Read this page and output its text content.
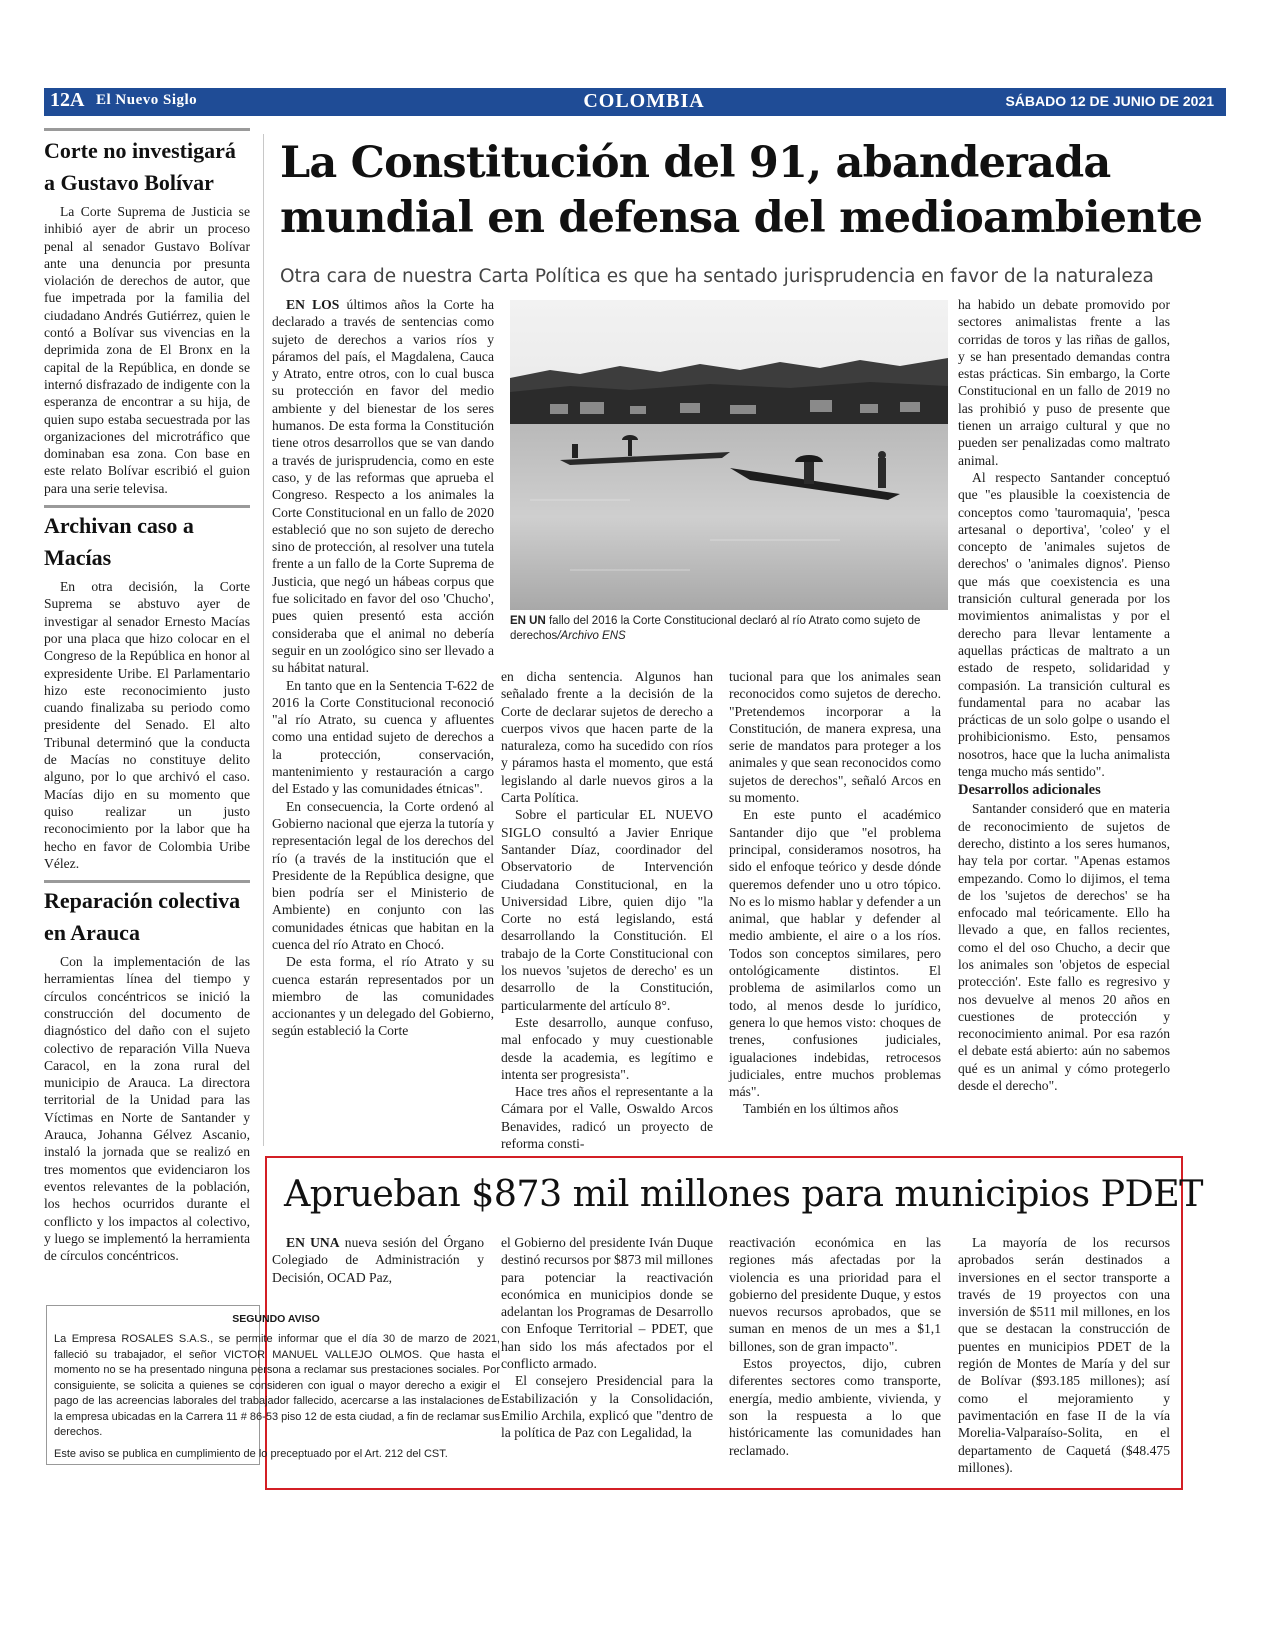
12A El Nuevo Siglo	COLOMBIA	SÁBADO 12 DE JUNIO DE 2021
Corte no investigará a Gustavo Bolívar

La Corte Suprema de Justicia se inhibió ayer de abrir un proceso penal al senador Gustavo Bolívar ante una denuncia por presunta violación de derechos de autor, que fue impetrada por la familia del ciudadano Andrés Gutiérrez, quien le contó a Bolívar sus vivencias en la deprimida zona de El Bronx en la capital de la República, en donde se internó disfrazado de indigente con la esperanza de encontrar a su hija, de quien supo estaba secuestrada por las organizaciones del microtráfico que dominaban esa zona. Con base en este relato Bolívar escribió el guion para una serie televisa.

Archivan caso a Macías

En otra decisión, la Corte Suprema se abstuvo ayer de investigar al senador Ernesto Macías por una placa que hizo colocar en el Congreso de la República en honor al expresidente Uribe. El Parlamentario hizo este reconocimiento justo cuando finalizaba su periodo como presidente del Senado. El alto Tribunal determinó que la conducta de Macías no constituye delito alguno, por lo que archivó el caso. Macías dijo en su momento que quiso realizar un justo reconocimiento por la labor que ha hecho en favor de Colombia Uribe Vélez.

Reparación colectiva en Arauca

Con la implementación de las herramientas línea del tiempo y círculos concéntricos se inició la construcción del documento de diagnóstico del daño con el sujeto colectivo de reparación Villa Nueva Caracol, en la zona rural del municipio de Arauca. La directora territorial de la Unidad para las Víctimas en Norte de Santander y Arauca, Johanna Gélvez Ascanio, instaló la jornada que se realizó en tres momentos que evidenciaron los eventos relevantes de la población, los hechos ocurridos durante el conflicto y los impactos al colectivo, y luego se implementó la herramienta de círculos concéntricos.

La Constitución del 91, abanderada mundial en defensa del medioambiente
Otra cara de nuestra Carta Política es que ha sentado jurisprudencia en favor de la naturaleza

EN LOS últimos años la Corte ha declarado a través de sentencias como sujeto de derechos a varios ríos y páramos del país, el Magdalena, Cauca y Atrato, entre otros, con lo cual busca su protección en favor del medio ambiente y del bienestar de los seres humanos. De esta forma la Constitución tiene otros desarrollos que se van dando a través de jurisprudencia, como en este caso, y de las reformas que aprueba el Congreso. Respecto a los animales la Corte Constitucional en un fallo de 2020 estableció que no son sujeto de derecho sino de protección, al resolver una tutela frente a un fallo de la Corte Suprema de Justicia, que negó un hábeas corpus que fue solicitado en favor del oso 'Chucho', pues quien presentó esta acción consideraba que el animal no debería seguir en un zoológico sino ser llevado a su hábitat natural.

En tanto que en la Sentencia T-622 de 2016 la Corte Constitucional reconoció "al río Atrato, su cuenca y afluentes como una entidad sujeto de derechos a la protección, conservación, mantenimiento y restauración a cargo del Estado y las comunidades étnicas".

En consecuencia, la Corte ordenó al Gobierno nacional que ejerza la tutoría y representación legal de los derechos del río (a través de la institución que el Presidente de la República designe, que bien podría ser el Ministerio de Ambiente) en conjunto con las comunidades étnicas que habitan en la cuenca del río Atrato en Chocó.

De esta forma, el río Atrato y su cuenca estarán representados por un miembro de las comunidades accionantes y un delegado del Gobierno, según estableció la Corte

EN UN fallo del 2016 la Corte Constitucional declaró al río Atrato como sujeto de derechos/Archivo ENS

en dicha sentencia. Algunos han señalado frente a la decisión de la Corte de declarar sujetos de derecho a cuerpos vivos que hacen parte de la naturaleza, como ha sucedido con ríos y páramos hasta el momento, que está legislando al darle nuevos giros a la Carta Política.

Sobre el particular EL NUEVO SIGLO consultó a Javier Enrique Santander Díaz, coordinador del Observatorio de Intervención Ciudadana Constitucional, en la Universidad Libre, quien dijo "la Corte no está legislando, está desarrollando la Constitución. El trabajo de la Corte Constitucional con los nuevos 'sujetos de derecho' es un desarrollo de la Constitución, particularmente del artículo 8°.

Este desarrollo, aunque confuso, mal enfocado y muy cuestionable desde la academia, es legítimo e intenta ser progresista".

Hace tres años el representante a la Cámara por el Valle, Oswaldo Arcos Benavides, radicó un proyecto de reforma consti-

tucional para que los animales sean reconocidos como sujetos de derecho. "Pretendemos incorporar a la Constitución, de manera expresa, una serie de mandatos para proteger a los animales y que sean reconocidos como sujetos de derechos", señaló Arcos en su momento.

En este punto el académico Santander dijo que "el problema principal, consideramos nosotros, ha sido el enfoque teórico y desde dónde queremos defender uno u otro tópico. No es lo mismo hablar y defender a un animal, que hablar y defender al medio ambiente, el aire o a los ríos. Todos son conceptos similares, pero ontológicamente distintos. El problema de asimilarlos como un todo, al menos desde lo jurídico, genera lo que hemos visto: choques de trenes, confusiones judiciales, igualaciones indebidas, retrocesos judiciales, entre muchos problemas más".

También en los últimos años

ha habido un debate promovido por sectores animalistas frente a las corridas de toros y las riñas de gallos, y se han presentado demandas contra estas prácticas. Sin embargo, la Corte Constitucional en un fallo de 2019 no las prohibió y puso de presente que tienen un arraigo cultural y que no pueden ser penalizadas como maltrato animal.

Al respecto Santander conceptuó que "es plausible la coexistencia de conceptos como 'tauromaquia', 'pesca artesanal o deportiva', 'coleo' y el concepto de 'animales sujetos de derechos' o 'animales dignos'. Pienso que más que coexistencia es una transición cultural generada por los movimientos animalistas y por el derecho para llevar lentamente a aquellas prácticas de maltrato a un estado de respeto, solidaridad y compasión. La transición cultural es fundamental para no acabar las prácticas de un solo golpe o usando el prohibicionismo. Esto, pensamos nosotros, hace que la lucha animalista tenga mucho más sentido".

Desarrollos adicionales

Santander consideró que en materia de reconocimiento de sujetos de derecho, distinto a los seres humanos, hay tela por cortar. "Apenas estamos empezando. Como lo dijimos, el tema de los 'sujetos de derechos' se ha enfocado mal teóricamente. Ello ha llevado a que, en fallos recientes, como el del oso Chucho, a decir que los animales son 'objetos de especial protección'. Este fallo es regresivo y nos devuelve al menos 20 años en cuestiones de protección y reconocimiento animal. Por esa razón el debate está abierto: aún no sabemos qué es un animal y cómo protegerlo desde el derecho".

Aprueban $873 mil millones para municipios PDET

EN UNA nueva sesión del Órgano Colegiado de Administración y Decisión, OCAD Paz,

el Gobierno del presidente Iván Duque destinó recursos por $873 mil millones para potenciar la reactivación económica en municipios donde se adelantan los Programas de Desarrollo con Enfoque Territorial – PDET, que han sido los más afectados por el conflicto armado.

El consejero Presidencial para la Estabilización y la Consolidación, Emilio Archila, explicó que "dentro de la política de Paz con Legalidad, la

reactivación económica en las regiones más afectadas por la violencia es una prioridad para el gobierno del presidente Duque, y estos nuevos recursos aprobados, que se suman en menos de un mes a $1,1 billones, son de gran impacto".

Estos proyectos, dijo, cubren diferentes sectores como transporte, energía, medio ambiente, vivienda, y son la respuesta a lo que históricamente las comunidades han reclamado.

La mayoría de los recursos aprobados serán destinados a inversiones en el sector transporte a través de 19 proyectos con una inversión de $511 mil millones, en los que se destacan la construcción de puentes en municipios PDET de la región de Montes de María y del sur de Bolívar ($93.185 millones); así como el mejoramiento y pavimentación en fase II de la vía Morelia-Valparaíso-Solita, en el departamento de Caquetá ($48.475 millones).

SEGUNDO AVISO

La Empresa ROSALES S.A.S., se permite informar que el día 30 de marzo de 2021, falleció su trabajador, el señor VICTOR MANUEL VALLEJO OLMOS. Que hasta el momento no se ha presentado ninguna persona a reclamar sus prestaciones sociales. Por consiguiente, se solicita a quienes se consideren con igual o mayor derecho a exigir el pago de las acreencias laborales del trabajador fallecido, acercarse a las instalaciones de la empresa ubicadas en la Carrera 11 # 86-53 piso 12 de esta ciudad, a fin de reclamar sus derechos.

Este aviso se publica en cumplimiento de lo preceptuado por el Art. 212 del CST.
